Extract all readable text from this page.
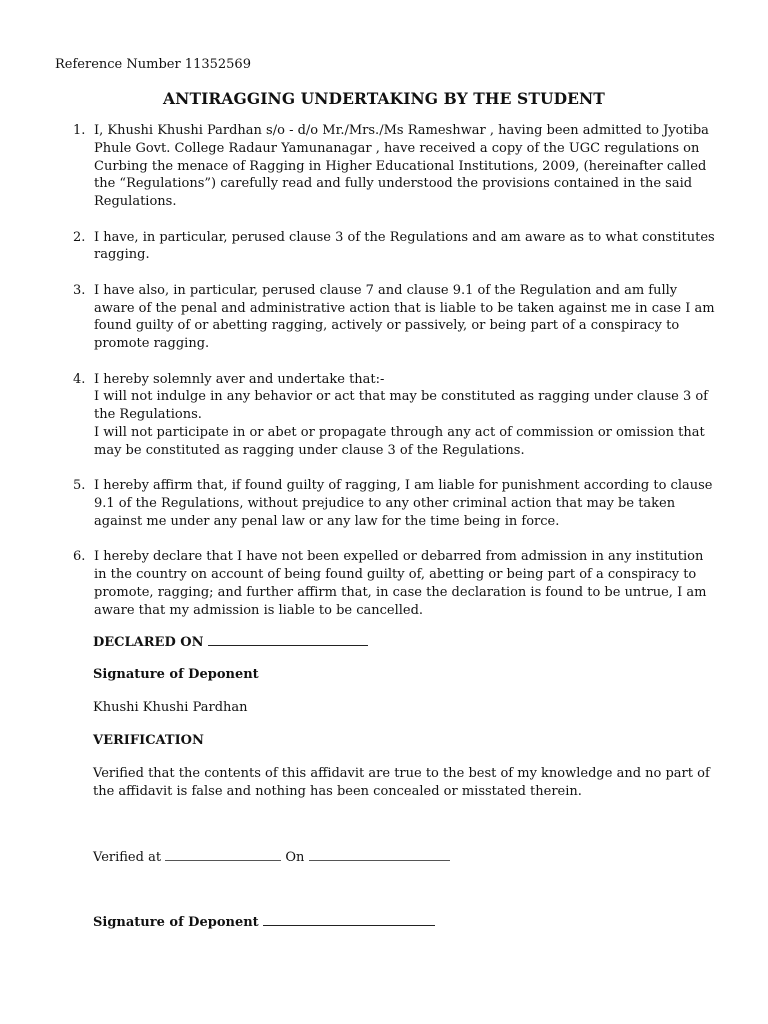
Reference Number 11352569
ANTIRAGGING UNDERTAKING BY THE STUDENT
1. I, Khushi Khushi Pardhan s/o - d/o Mr./Mrs./Ms Rameshwar , having been admitted to Jyotiba Phule Govt. College Radaur Yamunanagar , have received a copy of the UGC regulations on Curbing the menace of Ragging in Higher Educational Institutions, 2009, (hereinafter called the “Regulations”) carefully read and fully understood the provisions contained in the said Regulations.
2. I have, in particular, perused clause 3 of the Regulations and am aware as to what constitutes ragging.
3. I have also, in particular, perused clause 7 and clause 9.1 of the Regulation and am fully aware of the penal and administrative action that is liable to be taken against me in case I am found guilty of or abetting ragging, actively or passively, or being part of a conspiracy to promote ragging.
4. I hereby solemnly aver and undertake that:-
I will not indulge in any behavior or act that may be constituted as ragging under clause 3 of the Regulations.
I will not participate in or abet or propagate through any act of commission or omission that may be constituted as ragging under clause 3 of the Regulations.
5. I hereby affirm that, if found guilty of ragging, I am liable for punishment according to clause 9.1 of the Regulations, without prejudice to any other criminal action that may be taken against me under any penal law or any law for the time being in force.
6. I hereby declare that I have not been expelled or debarred from admission in any institution in the country on account of being found guilty of, abetting or being part of a conspiracy to promote, ragging; and further affirm that, in case the declaration is found to be untrue, I am aware that my admission is liable to be cancelled.
DECLARED ON
Signature of Deponent
Khushi Khushi Pardhan
VERIFICATION
Verified that the contents of this affidavit are true to the best of my knowledge and no part of the affidavit is false and nothing has been concealed or misstated therein.
Verified at	On
Signature of Deponent
